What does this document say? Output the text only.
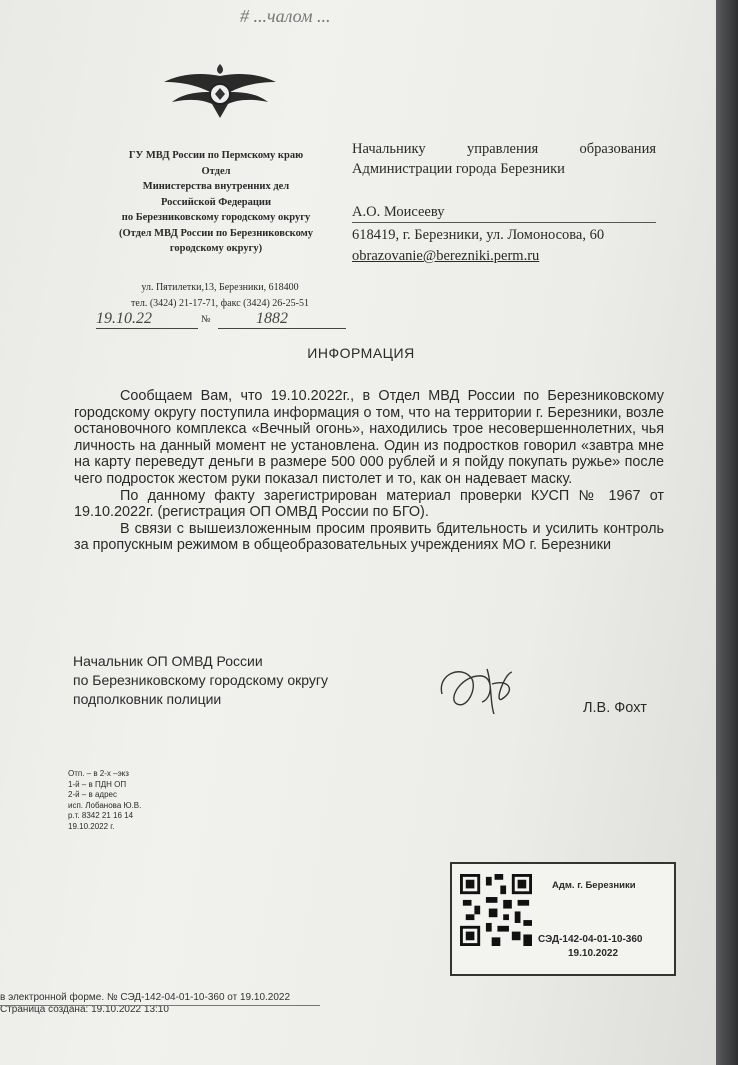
# ...чалом ...
ГУ МВД России по Пермскому краю
Отдел
Министерства внутренних дел
Российской Федерации
по Березниковскому городскому округу
(Отдел МВД России по Березниковскому
городскому округу)
ул. Пятилетки,13, Березники, 618400
тел. (3424) 21-17-71, факс (3424) 26-25-51
19.10.22	№	1882
Начальнику управления образования
Администрации города Березники
А.О. Моисееву
618419, г. Березники, ул. Ломоносова, 60
obrazovanie@berezniki.perm.ru
ИНФОРМАЦИЯ

Сообщаем Вам, что 19.10.2022г., в Отдел МВД России по Березниковскому городскому округу поступила информация о том, что на территории г. Березники, возле остановочного комплекса «Вечный огонь», находились трое несовершеннолетних, чья личность на данный момент не установлена. Один из подростков говорил «завтра мне на карту переведут деньги в размере 500 000 рублей и я пойду покупать ружье» после чего подросток жестом руки показал пистолет и то, как он надевает маску.

По данному факту зарегистрирован материал проверки КУСП № 1967 от 19.10.2022г. (регистрация ОП ОМВД России по БГО).

В связи с вышеизложенным просим проявить бдительность и усилить контроль за пропускным режимом в общеобразовательных учреждениях МО г. Березники

Начальник ОП ОМВД России
по Березниковскому городскому округу
подполковник полиции
Л.В. Фохт
Отп. – в 2-х –экз
1-й – в ПДН ОП
2-й – в адрес
исп. Лобанова Ю.В.
р.т. 8342 21 16 14
19.10.2022 г.
Адм. г. Березники
СЭД-142-04-01-10-360
19.10.2022
в электронной форме. № СЭД-142-04-01-10-360 от 19.10.2022
Страница создана: 19.10.2022 13:10
